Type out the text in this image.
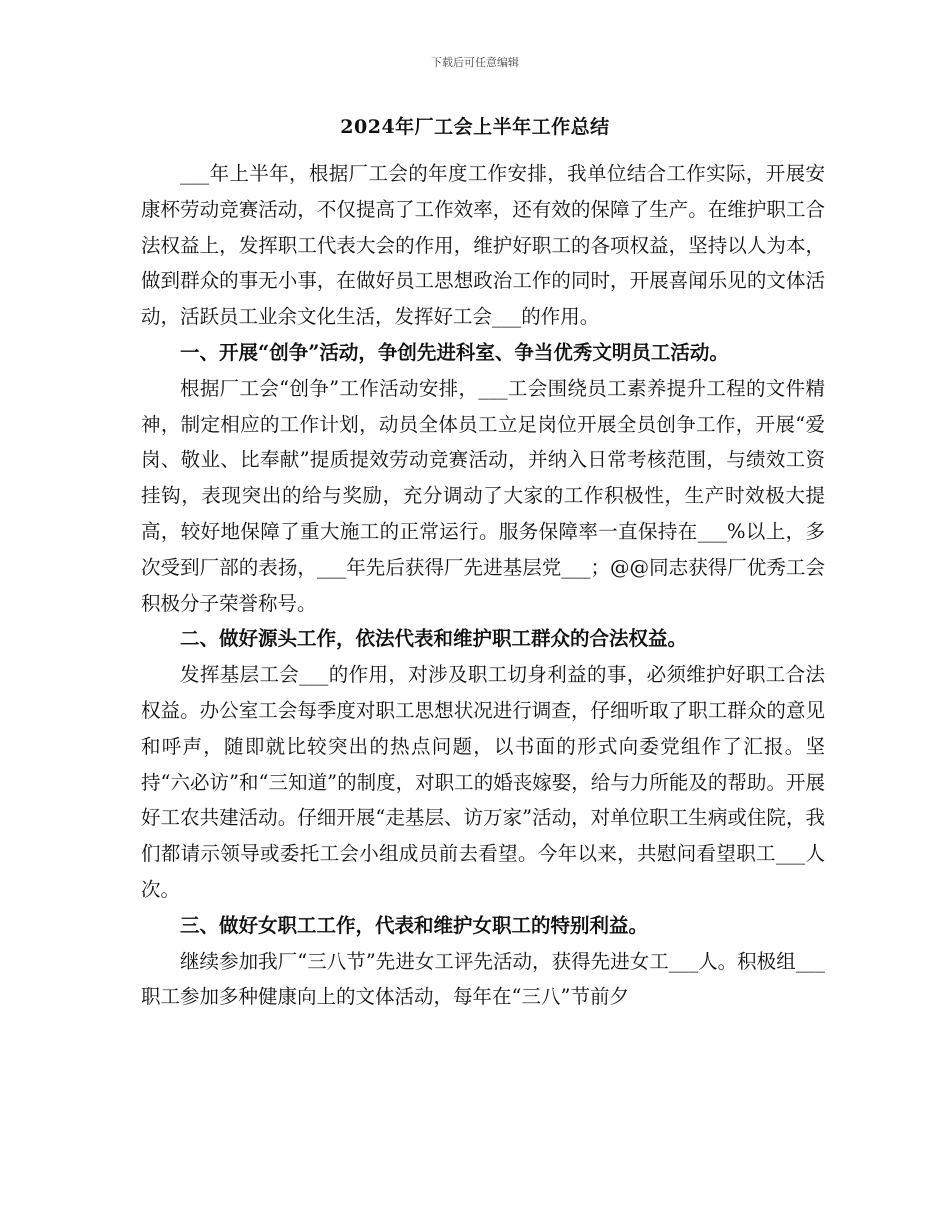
下载后可任意编辑
2024年厂工会上半年工作总结

___年上半年，根据厂工会的年度工作安排，我单位结合工作实际，开展安康杯劳动竞赛活动，不仅提高了工作效率，还有效的保障了生产。在维护职工合法权益上，发挥职工代表大会的作用，维护好职工的各项权益，坚持以人为本，做到群众的事无小事，在做好员工思想政治工作的同时，开展喜闻乐见的文体活动，活跃员工业余文化生活，发挥好工会___的作用。

一、开展“创争”活动，争创先进科室、争当优秀文明员工活动。

根据厂工会“创争”工作活动安排，___工会围绕员工素养提升工程的文件精神，制定相应的工作计划，动员全体员工立足岗位开展全员创争工作，开展“爱岗、敬业、比奉献”提质提效劳动竞赛活动，并纳入日常考核范围，与绩效工资挂钩，表现突出的给与奖励，充分调动了大家的工作积极性，生产时效极大提高，较好地保障了重大施工的正常运行。服务保障率一直保持在___%以上，多次受到厂部的表扬，___年先后获得厂先进基层党___；@@同志获得厂优秀工会积极分子荣誉称号。

二、做好源头工作，依法代表和维护职工群众的合法权益。

发挥基层工会___的作用，对涉及职工切身利益的事，必须维护好职工合法权益。办公室工会每季度对职工思想状况进行调查，仔细听取了职工群众的意见和呼声，随即就比较突出的热点问题，以书面的形式向委党组作了汇报。坚持“六必访”和“三知道”的制度，对职工的婚丧嫁娶，给与力所能及的帮助。开展好工农共建活动。仔细开展“走基层、访万家”活动，对单位职工生病或住院，我们都请示领导或委托工会小组成员前去看望。今年以来，共慰问看望职工___人次。

三、做好女职工工作，代表和维护女职工的特别利益。

继续参加我厂“三八节”先进女工评先活动，获得先进女工___人。积极组___职工参加多种健康向上的文体活动，每年在“三八”节前夕
